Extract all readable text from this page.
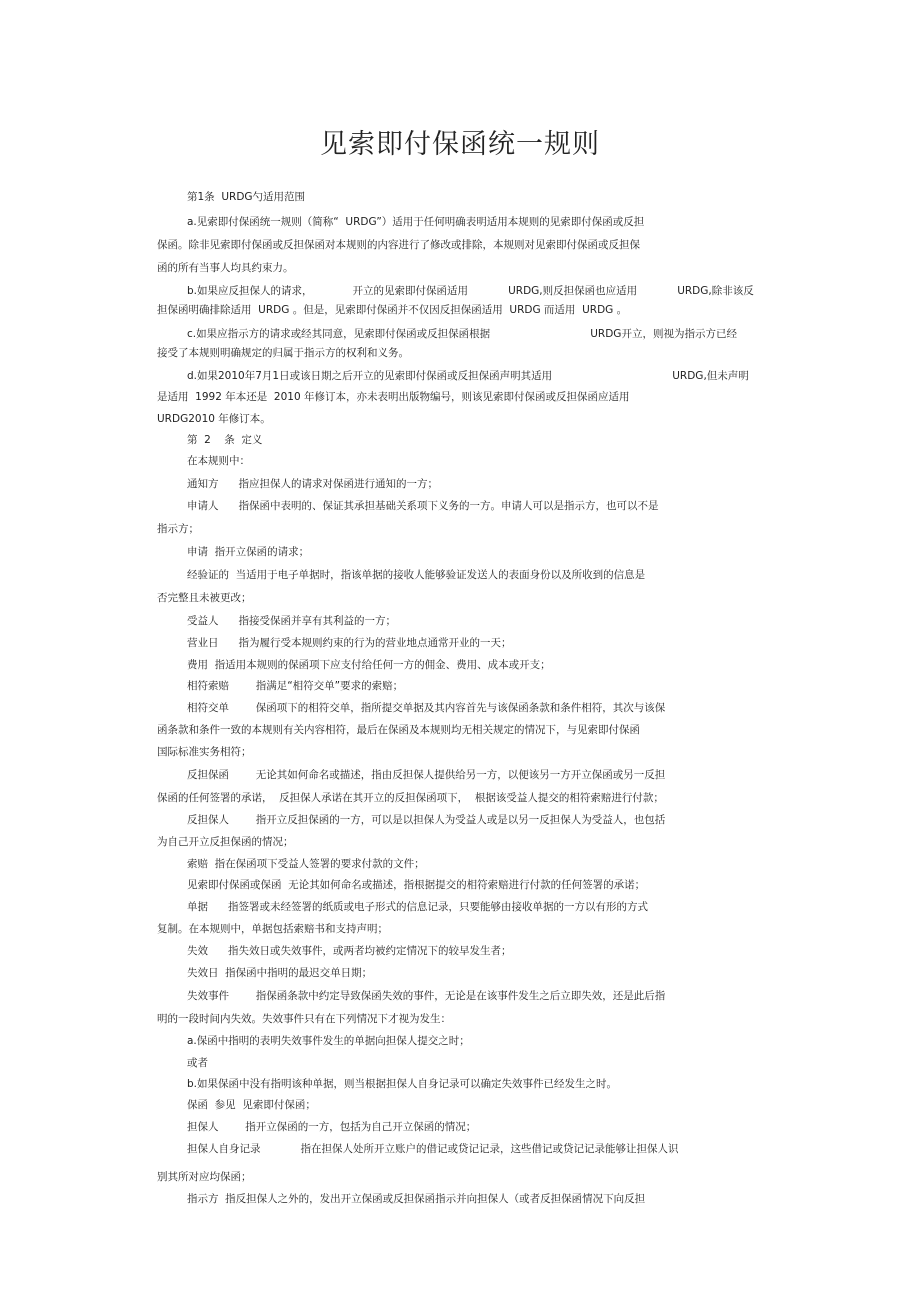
见索即付保函统一规则
第1条  URDG勺适用范围
a.见索即付保函统一规则（简称“  URDG”）适用于任何明确表明适用本规则的见索即付保函或反担
保函。除非见索即付保函或反担保函对本规则的内容进行了修改或排除，本规则对见索即付保函或反担保
函的所有当事人均具约束力。
b.如果应反担保人的请求，            开立的见索即付保函适用            URDG,则反担保函也应适用            URDG,除非该反
担保函明确排除适用  URDG 。但是，见索即付保函并不仅因反担保函适用  URDG 而适用  URDG 。
c.如果应指示方的请求或经其同意，见索即付保函或反担保函根据                              URDG开立，则视为指示方已经
接受了本规则明确规定的归属于指示方的权利和义务。
d.如果2010年7月1日或该日期之后开立的见索即付保函或反担保函声明其适用                                    URDG,但未声明
是适用  1992 年本还是  2010 年修订本，亦未表明出版物编号，则该见索即付保函或反担保函应适用
URDG2010 年修订本。
第  2    条  定义
在本规则中：
通知方      指应担保人的请求对保函进行通知的一方；
申请人      指保函中表明的、保证其承担基础关系项下义务的一方。申请人可以是指示方，也可以不是
指示方；
申请  指开立保函的请求；
经验证的  当适用于电子单据时，指该单据的接收人能够验证发送人的表面身份以及所收到的信息是
否完整且未被更改；
受益人      指接受保函并享有其利益的一方；
营业日      指为履行受本规则约束的行为的营业地点通常开业的一天；
费用  指适用本规则的保函项下应支付给任何一方的佣金、费用、成本或开支；
相符索赔        指满足“相符交单”要求的索赔；
相符交单        保函项下的相符交单，指所提交单据及其内容首先与该保函条款和条件相符，其次与该保
函条款和条件一致的本规则有关内容相符，最后在保函及本规则均无相关规定的情况下，与见索即付保函
国际标准实务相符；
反担保函        无论其如何命名或描述，指由反担保人提供给另一方，以便该另一方开立保函或另一反担
保函的任何签署的承诺，  反担保人承诺在其开立的反担保函项下，  根据该受益人提交的相符索赔进行付款；
反担保人        指开立反担保函的一方，可以是以担保人为受益人或是以另一反担保人为受益人，也包括
为自己开立反担保函的情况；
索赔  指在保函项下受益人签署的要求付款的文件；
见索即付保函或保函  无论其如何命名或描述，指根据提交的相符索赔进行付款的任何签署的承诺；
单据      指签署或未经签署的纸质或电子形式的信息记录，只要能够由接收单据的一方以有形的方式
复制。在本规则中，单据包括索赔书和支持声明；
失效      指失效日或失效事件，或两者均被约定情况下的较早发生者；
失效日  指保函中指明的最迟交单日期；
失效事件        指保函条款中约定导致保函失效的事件，无论是在该事件发生之后立即失效，还是此后指
明的一段时间内失效。失效事件只有在下列情况下才视为发生：
a.保函中指明的表明失效事件发生的单据向担保人提交之时；
或者
b.如果保函中没有指明该种单据，则当根据担保人自身记录可以确定失效事件已经发生之时。
保函  参见  见索即付保函；
担保人        指开立保函的一方，包括为自己开立保函的情况；
担保人自身记录            指在担保人处所开立账户的借记或贷记记录，这些借记或贷记记录能够让担保人识
别其所对应均保函；
指示方  指反担保人之外的，发出开立保函或反担保函指示并向担保人（或者反担保函情况下向反担
